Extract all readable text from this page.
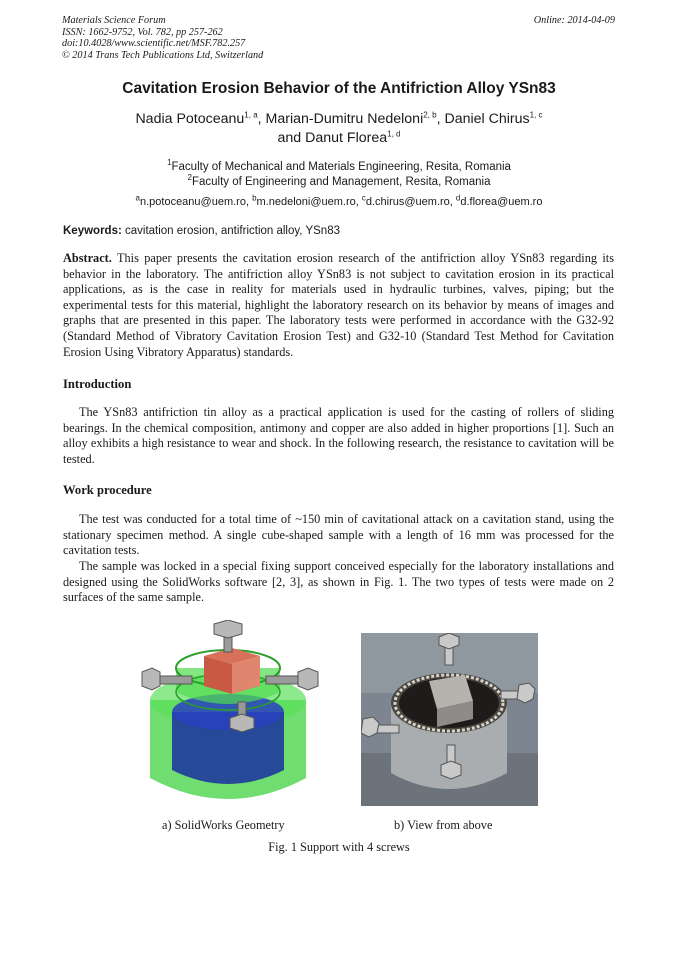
Materials Science Forum
ISSN: 1662-9752, Vol. 782, pp 257-262
doi:10.4028/www.scientific.net/MSF.782.257
© 2014 Trans Tech Publications Ltd, Switzerland
Online: 2014-04-09
Cavitation Erosion Behavior of the Antifriction Alloy YSn83
Nadia Potoceanu$^{1, a}$, Marian-Dumitru Nedeloni$^{2, b}$, Daniel Chirus$^{1, c}$
and Danut Florea$^{1, d}$
$^1$Faculty of Mechanical and Materials Engineering, Resita, Romania
$^2$Faculty of Engineering and Management, Resita, Romania
$^a$n.potoceanu@uem.ro, $^b$m.nedeloni@uem.ro, $^c$d.chirus@uem.ro, $^d$d.florea@uem.ro
Keywords: cavitation erosion, antifriction alloy, YSn83

Abstract. This paper presents the cavitation erosion research of the antifriction alloy YSn83 regarding its behavior in the laboratory. The antifriction alloy YSn83 is not subject to cavitation erosion in its practical applications, as is the case in reality for materials used in hydraulic turbines, valves, piping; but the experimental tests for this material, highlight the laboratory research on its behavior by means of images and graphs that are presented in this paper. The laboratory tests were performed in accordance with the G32-92 (Standard Method of Vibratory Cavitation Erosion Test) and G32-10 (Standard Test Method for Cavitation Erosion Using Vibratory Apparatus) standards.

Introduction

The YSn83 antifriction tin alloy as a practical application is used for the casting of rollers of sliding bearings. In the chemical composition, antimony and copper are also added in higher proportions [1]. Such an alloy exhibits a high resistance to wear and shock. In the following research, the resistance to cavitation will be tested.

Work procedure

The test was conducted for a total time of ~150 min of cavitational attack on a cavitation stand, using the stationary specimen method. A single cube-shaped sample with a length of 16 mm was processed for the cavitation tests.

The sample was locked in a special fixing support conceived especially for the laboratory installations and designed using the SolidWorks software [2, 3], as shown in Fig. 1. The two types of tests were made on 2 surfaces of the same sample.

a) SolidWorks Geometry	b) View from above
Fig. 1 Support with 4 screws
